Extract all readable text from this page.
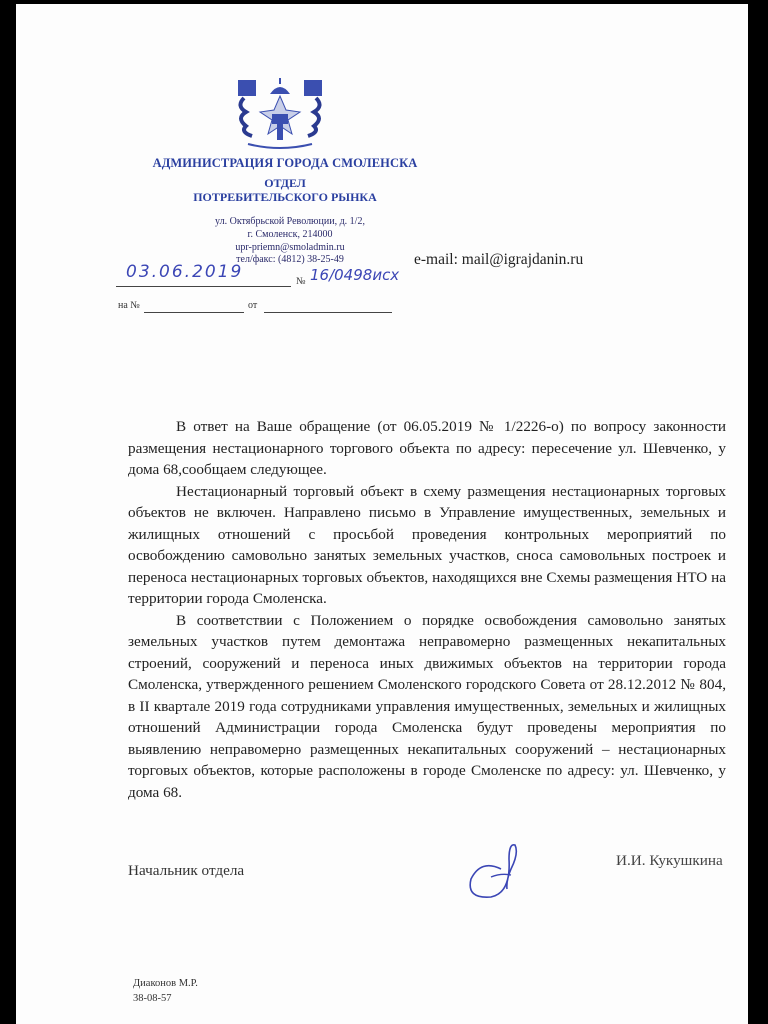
АДМИНИСТРАЦИЯ ГОРОДА СМОЛЕНСКА
ОТДЕЛ
ПОТРЕБИТЕЛЬСКОГО РЫНКА
ул. Октябрьской Революции, д. 1/2,
г. Смоленск, 214000
upr-priemn@smoladmin.ru
тел/факс: (4812) 38-25-49	e-mail: mail@igrajdanin.ru
03.06.2019	№ 16/0498исх
на №	от

В ответ на Ваше обращение (от 06.05.2019 № 1/2226-о) по вопросу законности размещения нестационарного торгового объекта по адресу: пересечение ул. Шевченко, у дома 68,сообщаем следующее.

Нестационарный торговый объект в схему размещения нестационарных торговых объектов не включен. Направлено письмо в Управление имущественных, земельных и жилищных отношений с просьбой проведения контрольных мероприятий по освобождению самовольно занятых земельных участков, сноса самовольных построек и переноса нестационарных торговых объектов, находящихся вне Схемы размещения НТО на территории города Смоленска.

В соответствии с Положением о порядке освобождения самовольно занятых земельных участков путем демонтажа неправомерно размещенных некапитальных строений, сооружений и переноса иных движимых объектов на территории города Смоленска, утвержденного решением Смоленского городского Совета от 28.12.2012 № 804, в II квартале 2019 года сотрудниками управления имущественных, земельных и жилищных отношений Администрации города Смоленска будут проведены мероприятия по выявлению неправомерно размещенных некапитальных сооружений – нестационарных торговых объектов, которые расположены в городе Смоленске по адресу: ул. Шевченко, у дома 68.

Начальник отдела
И.И. Кукушкина
Диаконов М.Р.
38-08-57
